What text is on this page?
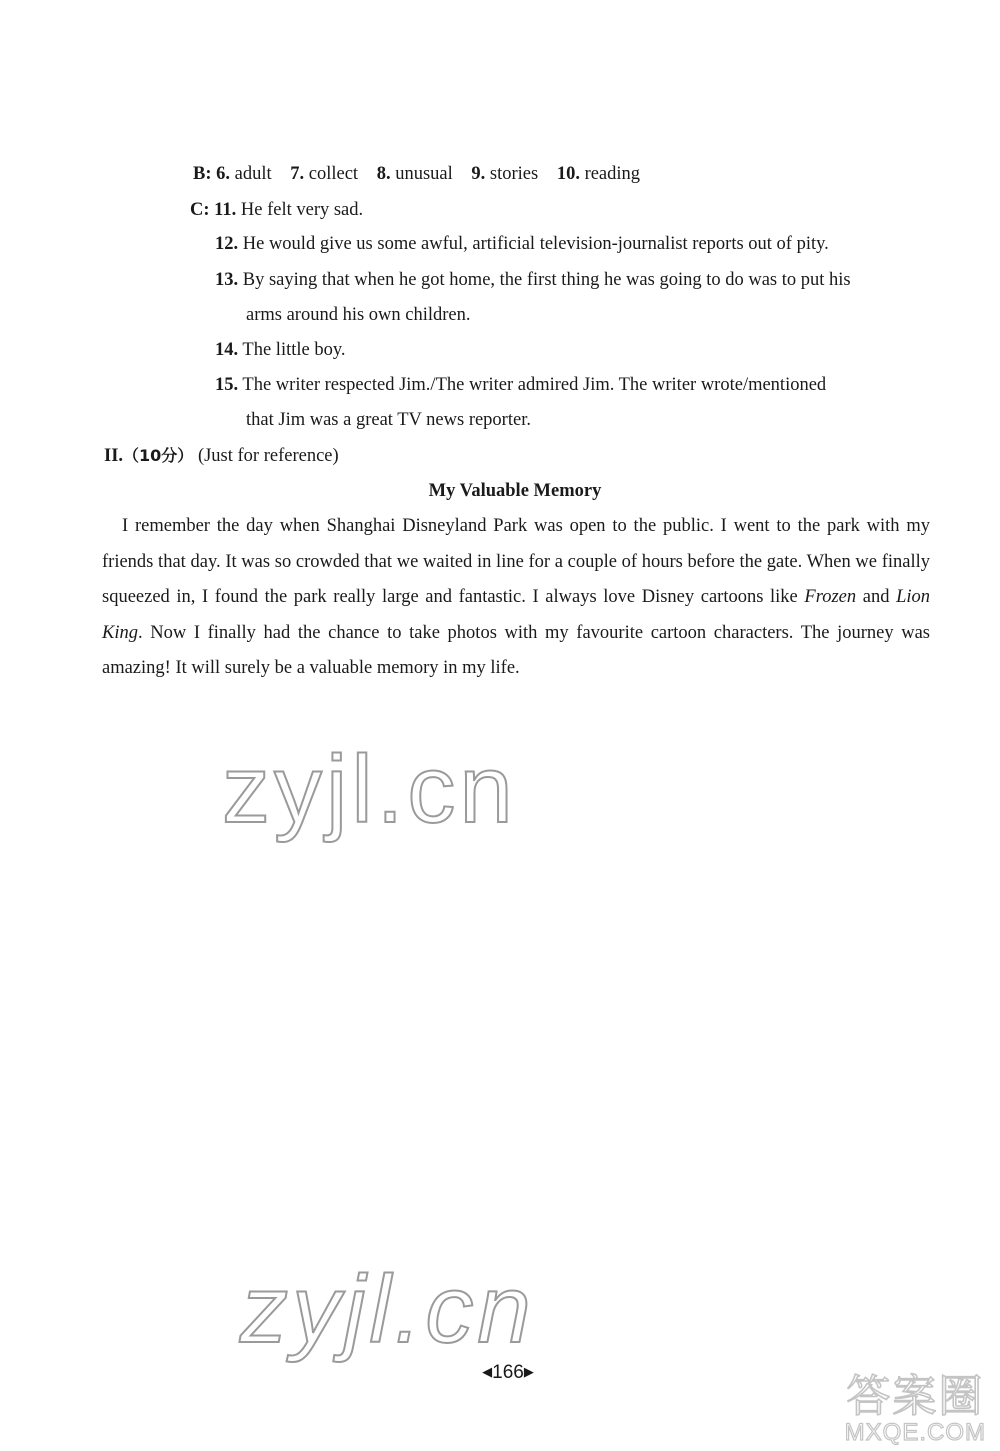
B: 6. adult 7. collect 8. unusual 9. stories 10. reading
C: 11. He felt very sad.
12. He would give us some awful, artificial television-journalist reports out of pity.
13. By saying that when he got home, the first thing he was going to do was to put his
arms around his own children.
14. The little boy.
15. The writer respected Jim./The writer admired Jim. The writer wrote/mentioned
that Jim was a great TV news reporter.
II.（10分） (Just for reference)
My Valuable Memory

I remember the day when Shanghai Disneyland Park was open to the public. I went to the park with my friends that day. It was so crowded that we waited in line for a couple of hours before the gate. When we finally squeezed in, I found the park really large and fantastic. I always love Disney cartoons like Frozen and Lion King. Now I finally had the chance to take photos with my favourite cartoon characters. The journey was amazing! It will surely be a valuable memory in my life.

zyjl.cn
zyjl.cn
◀166▶	答案圈
MXQE.COM
